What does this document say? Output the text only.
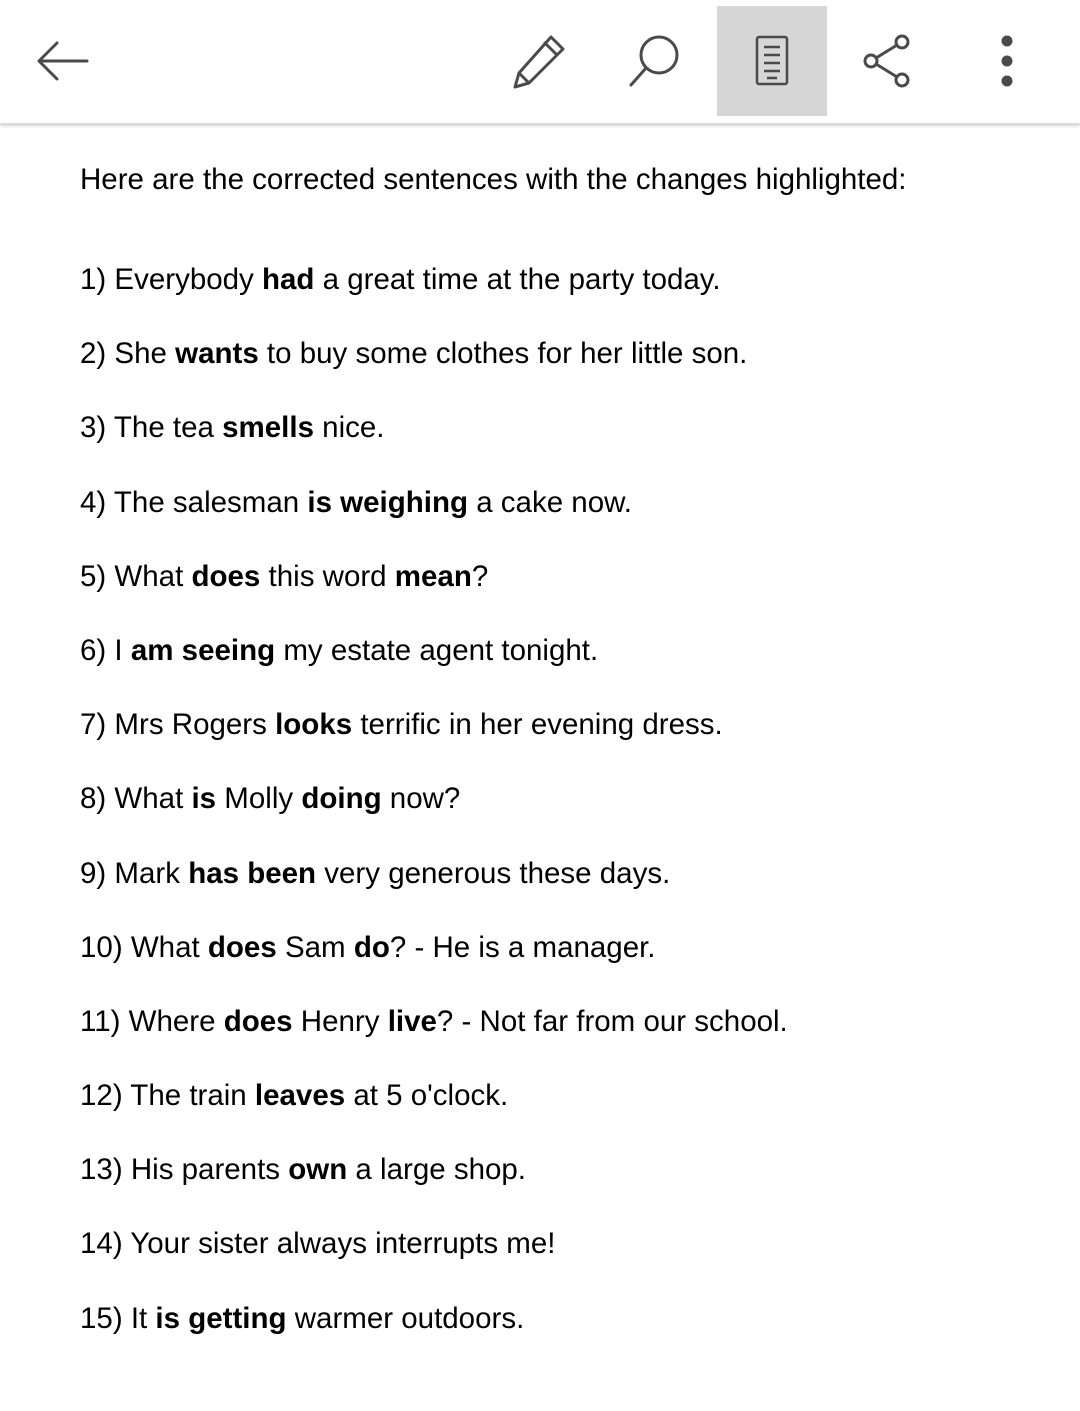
Here are the corrected sentences with the changes highlighted:

1) Everybody had a great time at the party today.
2) She wants to buy some clothes for her little son.
3) The tea smells nice.
4) The salesman is weighing a cake now.
5) What does this word mean?
6) I am seeing my estate agent tonight.
7) Mrs Rogers looks terrific in her evening dress.
8) What is Molly doing now?
9) Mark has been very generous these days.
10) What does Sam do? - He is a manager.
11) Where does Henry live? - Not far from our school.
12) The train leaves at 5 o'clock.
13) His parents own a large shop.
14) Your sister always interrupts me!
15) It is getting warmer outdoors.
